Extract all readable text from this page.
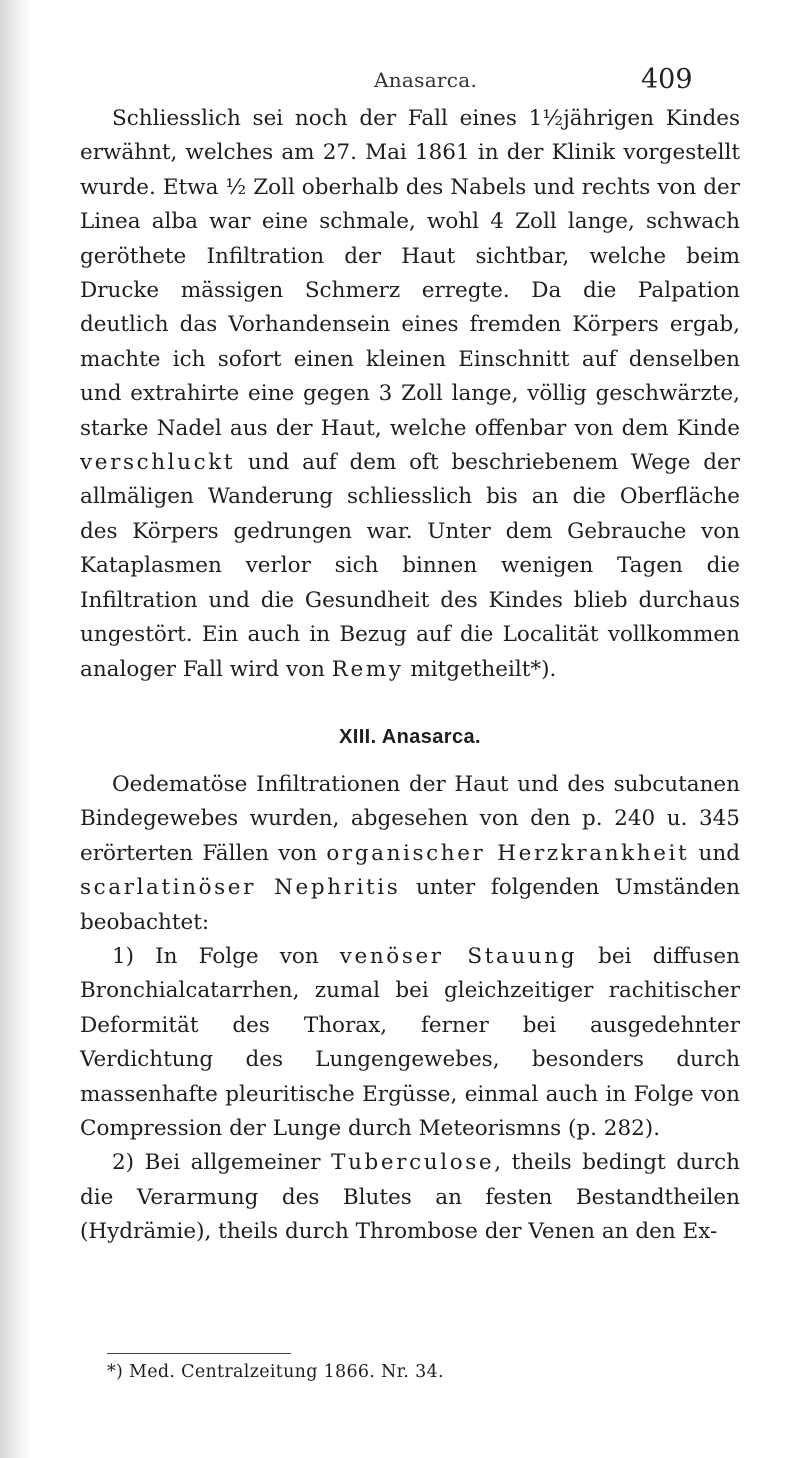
Anasarca.	409

Schliesslich sei noch der Fall eines 1½jährigen Kindes erwähnt, welches am 27. Mai 1861 in der Klinik vorgestellt wurde. Etwa ½ Zoll oberhalb des Nabels und rechts von der Linea alba war eine schmale, wohl 4 Zoll lange, schwach geröthete Infiltration der Haut sichtbar, welche beim Drucke mässigen Schmerz erregte. Da die Palpation deutlich das Vorhandensein eines fremden Körpers ergab, machte ich sofort einen kleinen Einschnitt auf denselben und extrahirte eine gegen 3 Zoll lange, völlig geschwärzte, starke Nadel aus der Haut, welche offenbar von dem Kinde verschluckt und auf dem oft beschriebenem Wege der allmäligen Wanderung schliesslich bis an die Oberfläche des Körpers gedrungen war. Unter dem Gebrauche von Kataplasmen verlor sich binnen wenigen Tagen die Infiltration und die Gesundheit des Kindes blieb durchaus ungestört. Ein auch in Bezug auf die Localität vollkommen analoger Fall wird von Remy mitgetheilt*).

XIII. Anasarca.

Oedematöse Infiltrationen der Haut und des subcutanen Bindegewebes wurden, abgesehen von den p. 240 u. 345 erörterten Fällen von organischer Herzkrankheit und scarlatinöser Nephritis unter folgenden Umständen beobachtet:

1) In Folge von venöser Stauung bei diffusen Bronchialcatarrhen, zumal bei gleichzeitiger rachitischer Deformität des Thorax, ferner bei ausgedehnter Verdichtung des Lungengewebes, besonders durch massenhafte pleuritische Ergüsse, einmal auch in Folge von Compression der Lunge durch Meteorismns (p. 282).

2) Bei allgemeiner Tuberculose, theils bedingt durch die Verarmung des Blutes an festen Bestandtheilen (Hydrämie), theils durch Thrombose der Venen an den Ex-

*) Med. Centralzeitung 1866. Nr. 34.
